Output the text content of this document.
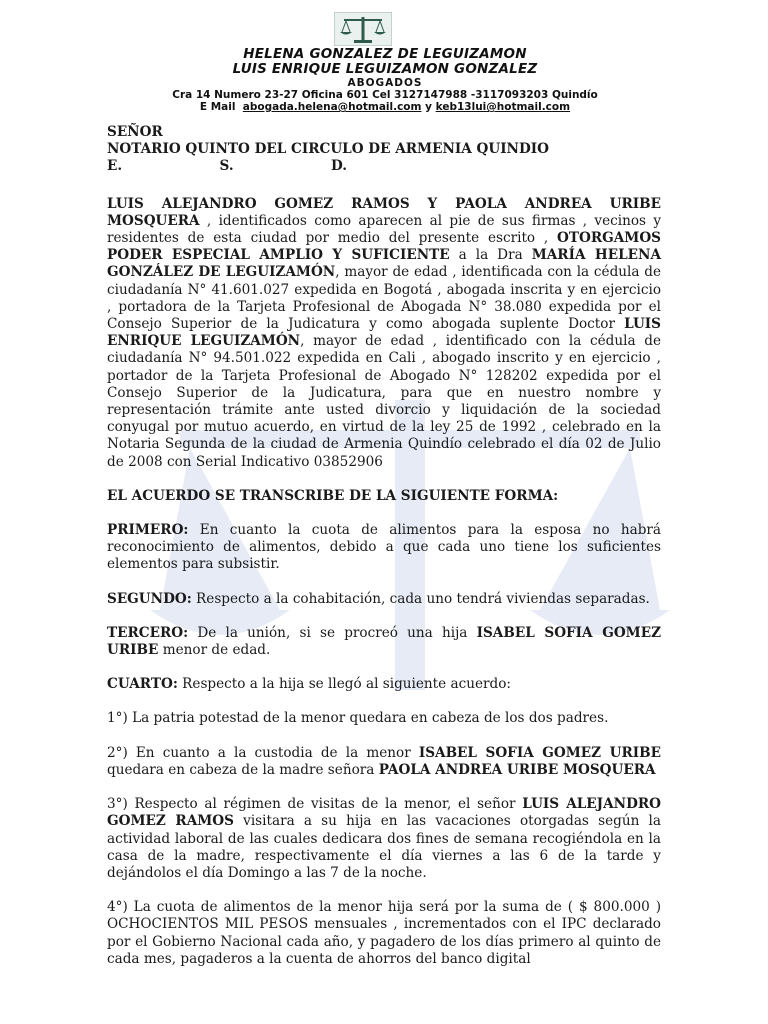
HELENA GONZALEZ DE LEGUIZAMON
LUIS ENRIQUE LEGUIZAMON GONZALEZ
ABOGADOS
Cra 14 Numero 23-27 Oficina 601 Cel 3127147988 -3117093203 Quindío
E Mail abogada.helena@hotmail.com y keb13lui@hotmail.com
SEÑOR
NOTARIO QUINTO DEL CIRCULO DE ARMENIA QUINDIO
E.	S.	D.
LUIS ALEJANDRO GOMEZ RAMOS Y PAOLA ANDREA URIBE MOSQUERA , identificados como aparecen al pie de sus firmas , vecinos y residentes de esta ciudad por medio del presente escrito , OTORGAMOS PODER ESPECIAL AMPLIO Y SUFICIENTE a la Dra MARÍA HELENA GONZÁLEZ DE LEGUIZAMÓN, mayor de edad , identificada con la cédula de ciudadanía N° 41.601.027 expedida en Bogotá , abogada inscrita y en ejercicio , portadora de la Tarjeta Profesional de Abogada N° 38.080 expedida por el Consejo Superior de la Judicatura y como abogada suplente Doctor LUIS ENRIQUE LEGUIZAMÓN, mayor de edad , identificado con la cédula de ciudadanía N° 94.501.022 expedida en Cali , abogado inscrito y en ejercicio , portador de la Tarjeta Profesional de Abogado N° 128202 expedida por el Consejo Superior de la Judicatura, para que en nuestro nombre y representación trámite ante usted divorcio y liquidación de la sociedad conyugal por mutuo acuerdo, en virtud de la ley 25 de 1992 , celebrado en la Notaria Segunda de la ciudad de Armenia Quindío celebrado el día 02 de Julio de 2008 con Serial Indicativo 03852906
EL ACUERDO SE TRANSCRIBE DE LA SIGUIENTE FORMA:
PRIMERO: En cuanto la cuota de alimentos para la esposa no habrá reconocimiento de alimentos, debido a que cada uno tiene los suficientes elementos para subsistir.
SEGUNDO: Respecto a la cohabitación, cada uno tendrá viviendas separadas.
TERCERO: De la unión, si se procreó una hija ISABEL SOFIA GOMEZ URIBE menor de edad.
CUARTO: Respecto a la hija se llegó al siguiente acuerdo:
1°) La patria potestad de la menor quedara en cabeza de los dos padres.
2°) En cuanto a la custodia de la menor ISABEL SOFIA GOMEZ URIBE quedara en cabeza de la madre señora PAOLA ANDREA URIBE MOSQUERA
3°) Respecto al régimen de visitas de la menor, el señor LUIS ALEJANDRO GOMEZ RAMOS visitara a su hija en las vacaciones otorgadas según la actividad laboral de las cuales dedicara dos fines de semana recogiéndola en la casa de la madre, respectivamente el día viernes a las 6 de la tarde y dejándolos el día Domingo a las 7 de la noche.
4°) La cuota de alimentos de la menor hija será por la suma de ( $ 800.000 ) OCHOCIENTOS MIL PESOS mensuales , incrementados con el IPC declarado por el Gobierno Nacional cada año, y pagadero de los días primero al quinto de cada mes, pagaderos a la cuenta de ahorros del banco digital
